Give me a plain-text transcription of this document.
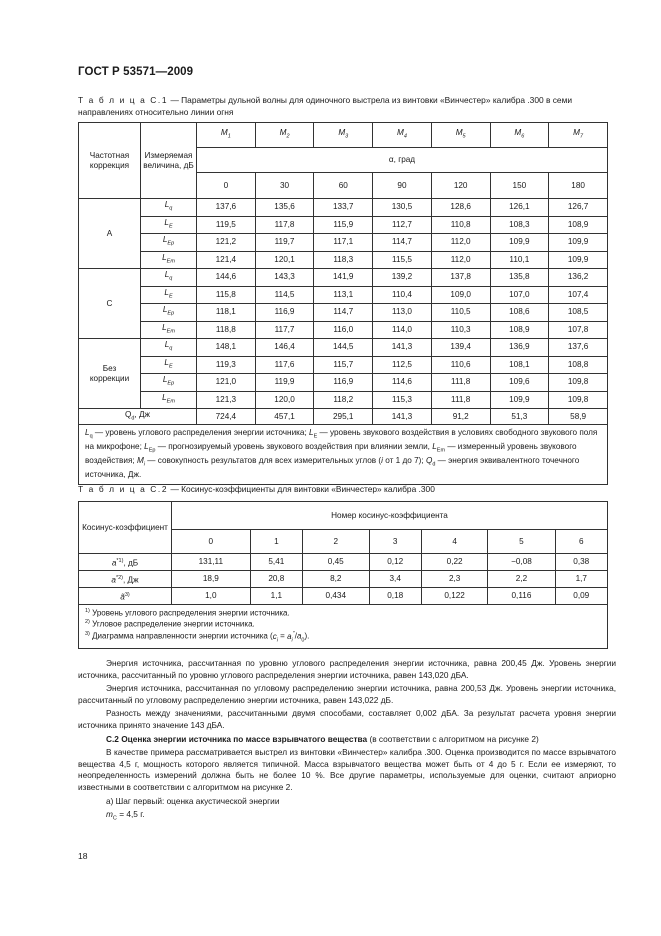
ГОСТ Р 53571—2009
Т а б л и ц а С.1 — Параметры дульной волны для одиночного выстрела из винтовки «Винчестер» калибра .300 в семи направлениях относительно линии огня
Частотная коррекция	Измеряемая величина, дБ	$M_1$	$M_2$	$M_3$	$M_4$	$M_5$	$M_6$	$M_7$
		α, град						
		0	30	60	90	120	150	180
A	$L_q$	137,6	135,6	133,7	130,5	128,6	126,1	126,7
	$L_E$	119,5	117,8	115,9	112,7	110,8	108,3	108,9
	$L_{Ep}$	121,2	119,7	117,1	114,7	112,0	109,9	109,9
	$L_{Em}$	121,4	120,1	118,3	115,5	112,0	110,1	109,9
C	$L_q$	144,6	143,3	141,9	139,2	137,8	135,8	136,2
	$L_E$	115,8	114,5	113,1	110,4	109,0	107,0	107,4
	$L_{Ep}$	118,1	116,9	114,7	113,0	110,5	108,6	108,5
	$L_{Em}$	118,8	117,7	116,0	114,0	110,3	108,9	107,8
Без коррекции	$L_q$	148,1	146,4	144,5	141,3	139,4	136,9	137,6
	$L_E$	119,3	117,6	115,7	112,5	110,6	108,1	108,8
	$L_{Ep}$	121,0	119,9	116,9	114,6	111,8	109,6	109,8
	$L_{Em}$	121,3	120,0	118,2	115,3	111,8	109,9	109,8
$Q_d$, Дж		724,4	457,1	295,1	141,3	91,2	51,3	58,9
$L_q$ — уровень углового распределения энергии источника; $L_E$ — уровень звукового воздействия в условиях свободного звукового поля на микрофоне; $L_{Ep}$ — прогнозируемый уровень звукового воздействия при влиянии земли, $L_{Em}$ — измеренный уровень звукового воздействия; $M_i$ — совокупность результатов для всех измерительных углов (i от 1 до 7); $Q_d$ — энергия эквивалентного точечного источника, Дж.								
Т а б л и ц а С.2 — Косинус-коэффициенты для винтовки «Винчестер» калибра .300
Косинус-коэффициент	Номер косинус-коэффициента						
	0	1	2	3	4	5	6
$a^{*1)}$, дБ	131,11	5,41	0,45	0,12	0,22	−0,08	0,38
$a^{*2)}$, Дж	18,9	20,8	8,2	3,4	2,3	2,2	1,7
$ã^{3)}$	1,0	1,1	0,434	0,18	0,122	0,116	0,09
$^{1)}$ Уровень углового распределения энергии источника.
$^{2)}$ Угловое распределение энергии источника.
$^{3)}$ Диаграмма направленности энергии источника $(c_i = a_i''/a_0)$.							

Энергия источника, рассчитанная по уровню углового распределения энергии источника, равна 200,45 Дж. Уровень энергии источника, рассчитанный по уровню углового распределения энергии источника, равен 143,020 дБА.

Энергия источника, рассчитанная по угловому распределению энергии источника, равна 200,53 Дж. Уровень энергии источника, рассчитанный по угловому распределению энергии источника, равен 143,022 дБ.

Разность между значениями, рассчитанными двумя способами, составляет 0,002 дБА. За результат расчета уровня энергии источника принято значение 143 дБА.

С.2 Оценка энергии источника по массе взрывчатого вещества (в соответствии с алгоритмом на рисунке 2)

В качестве примера рассматривается выстрел из винтовки «Винчестер» калибра .300. Оценка производится по массе взрывчатого вещества 4,5 г, мощность которого является типичной. Масса взрывчатого вещества может быть от 4 до 5 г. Если ее измеряют, то неопределенность измерений должна быть не более 10 %. Все другие параметры, используемые для оценки, считают априорно известными в соответствии с алгоритмом на рисунке 2.

а) Шаг первый: оценка акустической энергии

$m_C = 4,5$ г.

18
